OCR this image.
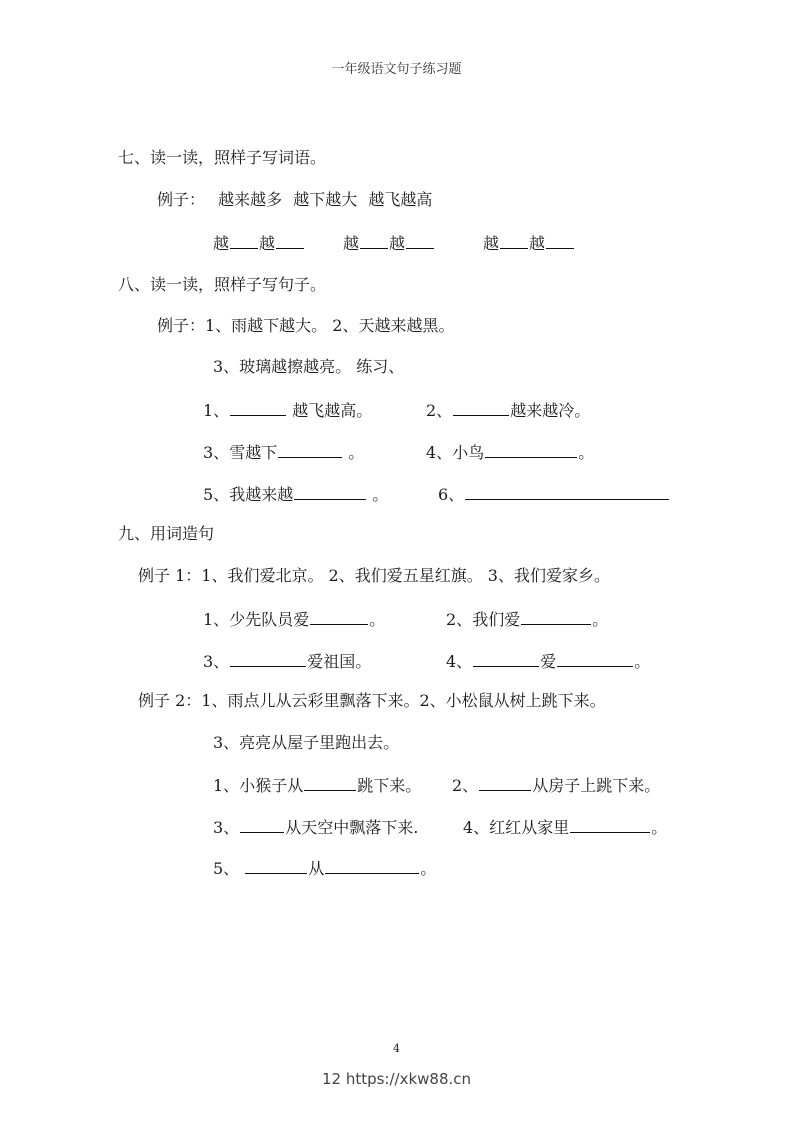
一年级语文句子练习题
七、读一读，照样子写词语。
例子： 越来越多 越下越大 越飞越高
越 越	越 越	越 越
八、读一读，照样子写句子。
例子：1、雨越下越大。 2、天越来越黑。
3、玻璃越擦越亮。 练习、
1、	越飞越高。	2、	越来越冷。
3、雪越下	。	4、小鸟	。
5、我越来越	。	6、
九、用词造句
例子 1：1、我们爱北京。 2、我们爱五星红旗。 3、我们爱家乡。
1、少先队员爱	。	2、我们爱	。
3、	爱祖国。	4、	爱	。
例子 2：1、雨点儿从云彩里飘落下来。2、小松鼠从树上跳下来。
3、亮亮从屋子里跑出去。
1、小猴子从	跳下来。 2、	从房子上跳下来。
3、	从天空中飘落下来.	4、红红从家里	。
5、	从	。
4
12 https://xkw88.cn
